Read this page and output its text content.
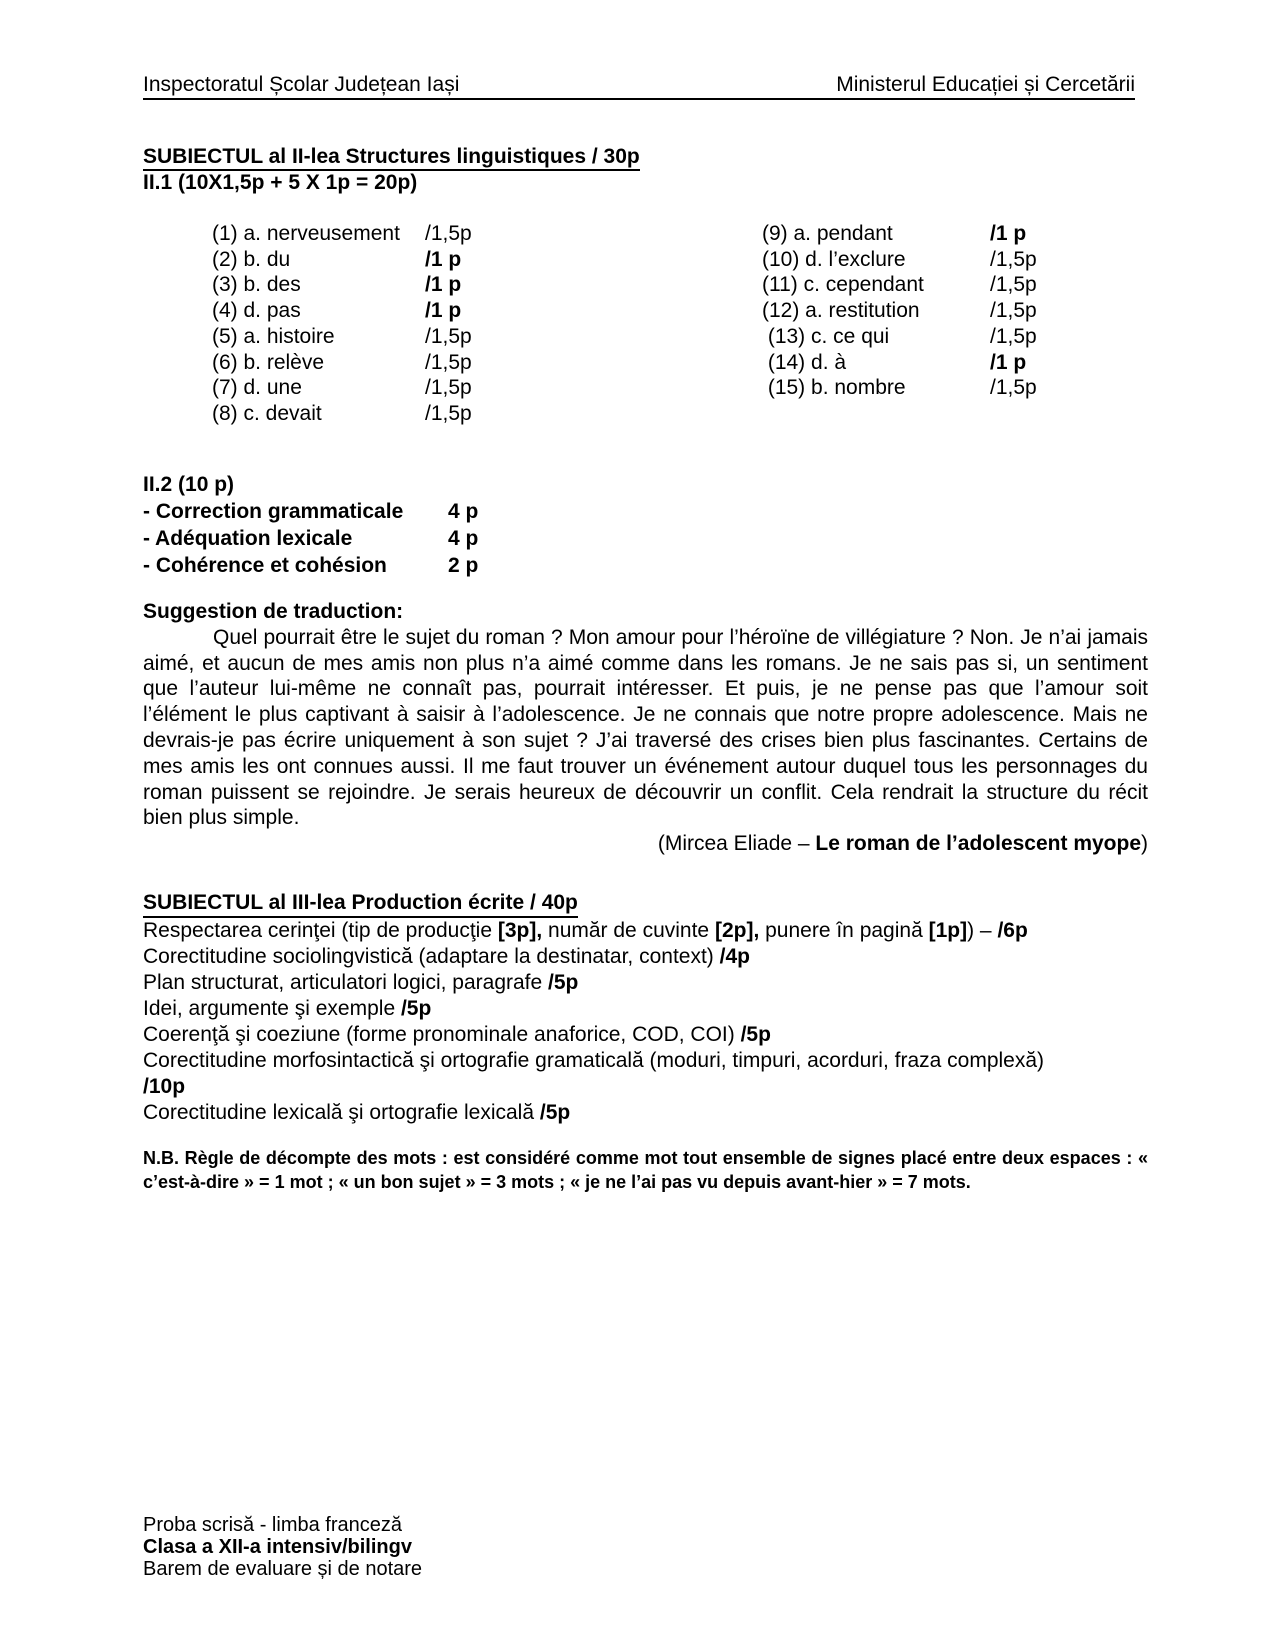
Inspectoratul Școlar Județean Iași	Ministerul Educației și Cercetării
SUBIECTUL al II-lea Structures linguistiques / 30p
II.1 (10X1,5p + 5 X 1p = 20p)
(1) a. nerveusement	/1,5p
(2) b. du	/1 p
(3) b. des	/1 p
(4) d. pas	/1 p
(5) a. histoire	/1,5p
(6) b. relève	/1,5p
(7) d. une	/1,5p
(8) c. devait	/1,5p
(9) a. pendant	/1 p
(10) d. l’exclure	/1,5p
(11) c. cependant	/1,5p
(12) a. restitution	/1,5p
(13) c. ce qui	/1,5p
(14) d. à	/1 p
(15) b. nombre	/1,5p
II.2 (10 p)
- Correction grammaticale	4 p
- Adéquation lexicale	4 p
- Cohérence et cohésion	2 p
Suggestion de traduction:

Quel pourrait être le sujet du roman ? Mon amour pour l’héroïne de villégiature ? Non. Je n’ai jamais aimé, et aucun de mes amis non plus n’a aimé comme dans les romans. Je ne sais pas si, un sentiment que l’auteur lui-même ne connaît pas, pourrait intéresser. Et puis, je ne pense pas que l’amour soit l’élément le plus captivant à saisir à l’adolescence. Je ne connais que notre propre adolescence. Mais ne devrais-je pas écrire uniquement à son sujet ? J’ai traversé des crises bien plus fascinantes. Certains de mes amis les ont connues aussi. Il me faut trouver un événement autour duquel tous les personnages du roman puissent se rejoindre. Je serais heureux de découvrir un conflit. Cela rendrait la structure du récit bien plus simple.

(Mircea Eliade – Le roman de l’adolescent myope)
SUBIECTUL al III-lea Production écrite / 40p
Respectarea cerinţei (tip de producţie [3p], număr de cuvinte [2p], punere în pagină [1p]) – /6p
Corectitudine sociolingvistică (adaptare la destinatar, context) /4p
Plan structurat, articulatori logici, paragrafe /5p
Idei, argumente şi exemple /5p
Coerenţă şi coeziune (forme pronominale anaforice, COD, COI) /5p
Corectitudine morfosintactică şi ortografie gramaticală (moduri, timpuri, acorduri, fraza complexă)
/10p
Corectitudine lexicală şi ortografie lexicală /5p
N.B. Règle de décompte des mots : est considéré comme mot tout ensemble de signes placé entre deux espaces : « c’est-à-dire » = 1 mot ; « un bon sujet » = 3 mots ; « je ne l’ai pas vu depuis avant-hier » = 7 mots.
Proba scrisă - limba franceză
Clasa a XII-a intensiv/bilingv
Barem de evaluare și de notare
